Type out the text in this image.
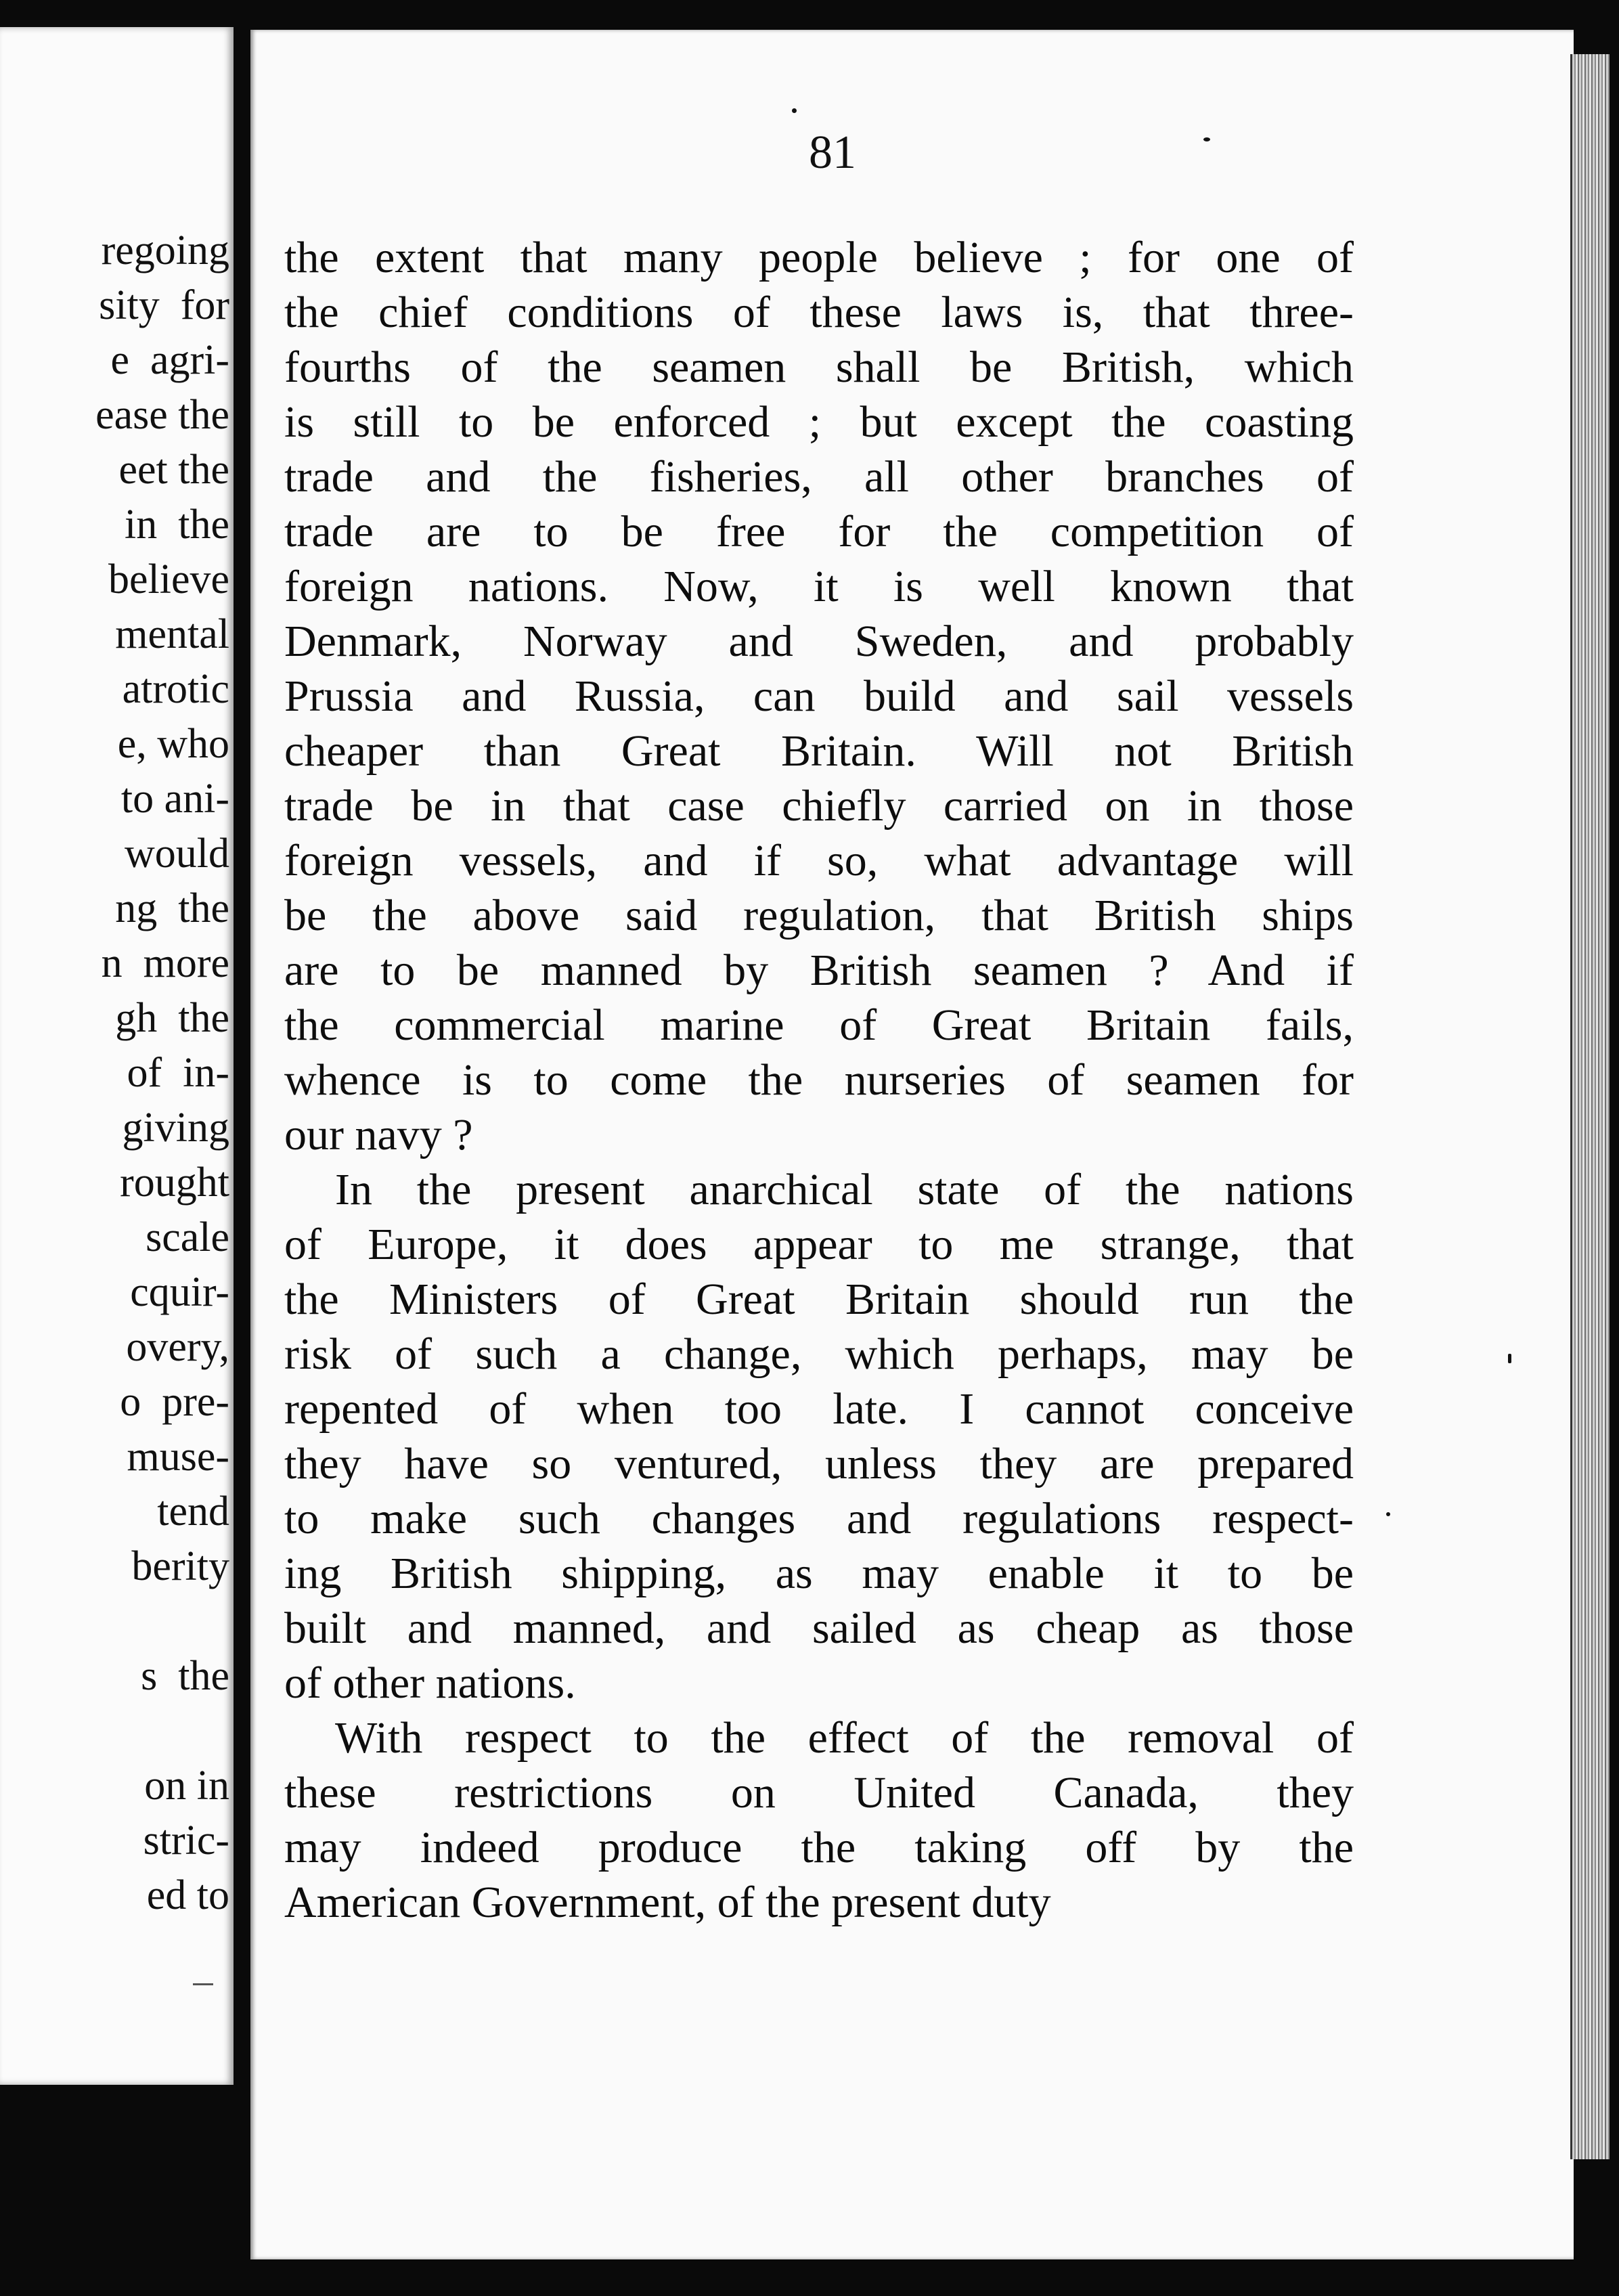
regoing
sity  for
e  agri-
ease the
eet the
in  the
believe
mental
atrotic
e, who
to ani-
would
ng  the
n  more
gh  the
of  in-
giving
rought
scale
cquir-
overy,
o  pre-
muse-
tend
berity
s  the
on in
stric-
ed to
81
the extent that many people believe ; for one of
the chief conditions of these laws is, that three-
fourths of the seamen shall be British, which
is still to be enforced ; but except the coasting
trade and the fisheries, all other branches of
trade are to be free for the competition of
foreign nations. Now, it is well known that
Denmark, Norway and Sweden, and probably
Prussia and Russia, can build and sail vessels
cheaper than Great Britain. Will not British
trade be in that case chiefly carried on in those
foreign vessels, and if so, what advantage will
be the above said regulation, that British ships
are to be manned by British seamen ? And if
the commercial marine of Great Britain fails,
whence is to come the nurseries of seamen for
our navy ?
In the present anarchical state of the nations
of Europe, it does appear to me strange, that
the Ministers of Great Britain should run the
risk of such a change, which perhaps, may be
repented of when too late. I cannot conceive
they have so ventured, unless they are prepared
to make such changes and regulations respect-
ing British shipping, as may enable it to be
built and manned, and sailed as cheap as those
of other nations.
With respect to the effect of the removal of
these restrictions on United Canada, they
may indeed produce the taking off by the
American Government, of the present duty
